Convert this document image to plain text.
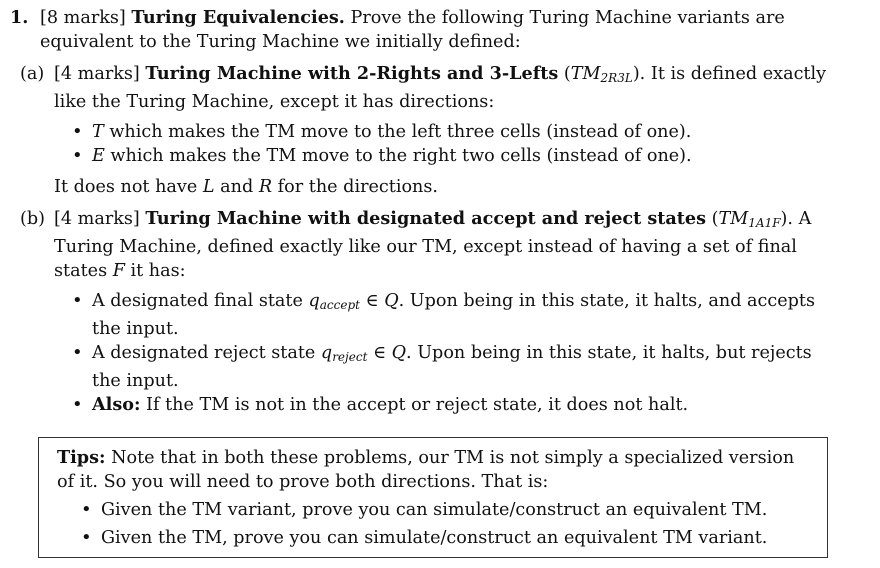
1. [8 marks] Turing Equivalencies. Prove the following Turing Machine variants are equivalent to the Turing Machine we initially defined:
(a) [4 marks] Turing Machine with 2-Rights and 3-Lefts $(TM_{2R3L})$. It is defined exactly like the Turing Machine, except it has directions:
• T which makes the TM move to the left three cells (instead of one).
• E which makes the TM move to the right two cells (instead of one).
It does not have L and R for the directions.
(b) [4 marks] Turing Machine with designated accept and reject states $(TM_{1A1F})$. A Turing Machine, defined exactly like our TM, except instead of having a set of final states F it has:
• A designated final state $q_{accept}$ ∈ Q. Upon being in this state, it halts, and accepts the input.
• A designated reject state $q_{reject}$ ∈ Q. Upon being in this state, it halts, but rejects the input.
• Also: If the TM is not in the accept or reject state, it does not halt.
Tips: Note that in both these problems, our TM is not simply a specialized version of it. So you will need to prove both directions. That is:
• Given the TM variant, prove you can simulate/construct an equivalent TM.
• Given the TM, prove you can simulate/construct an equivalent TM variant.
